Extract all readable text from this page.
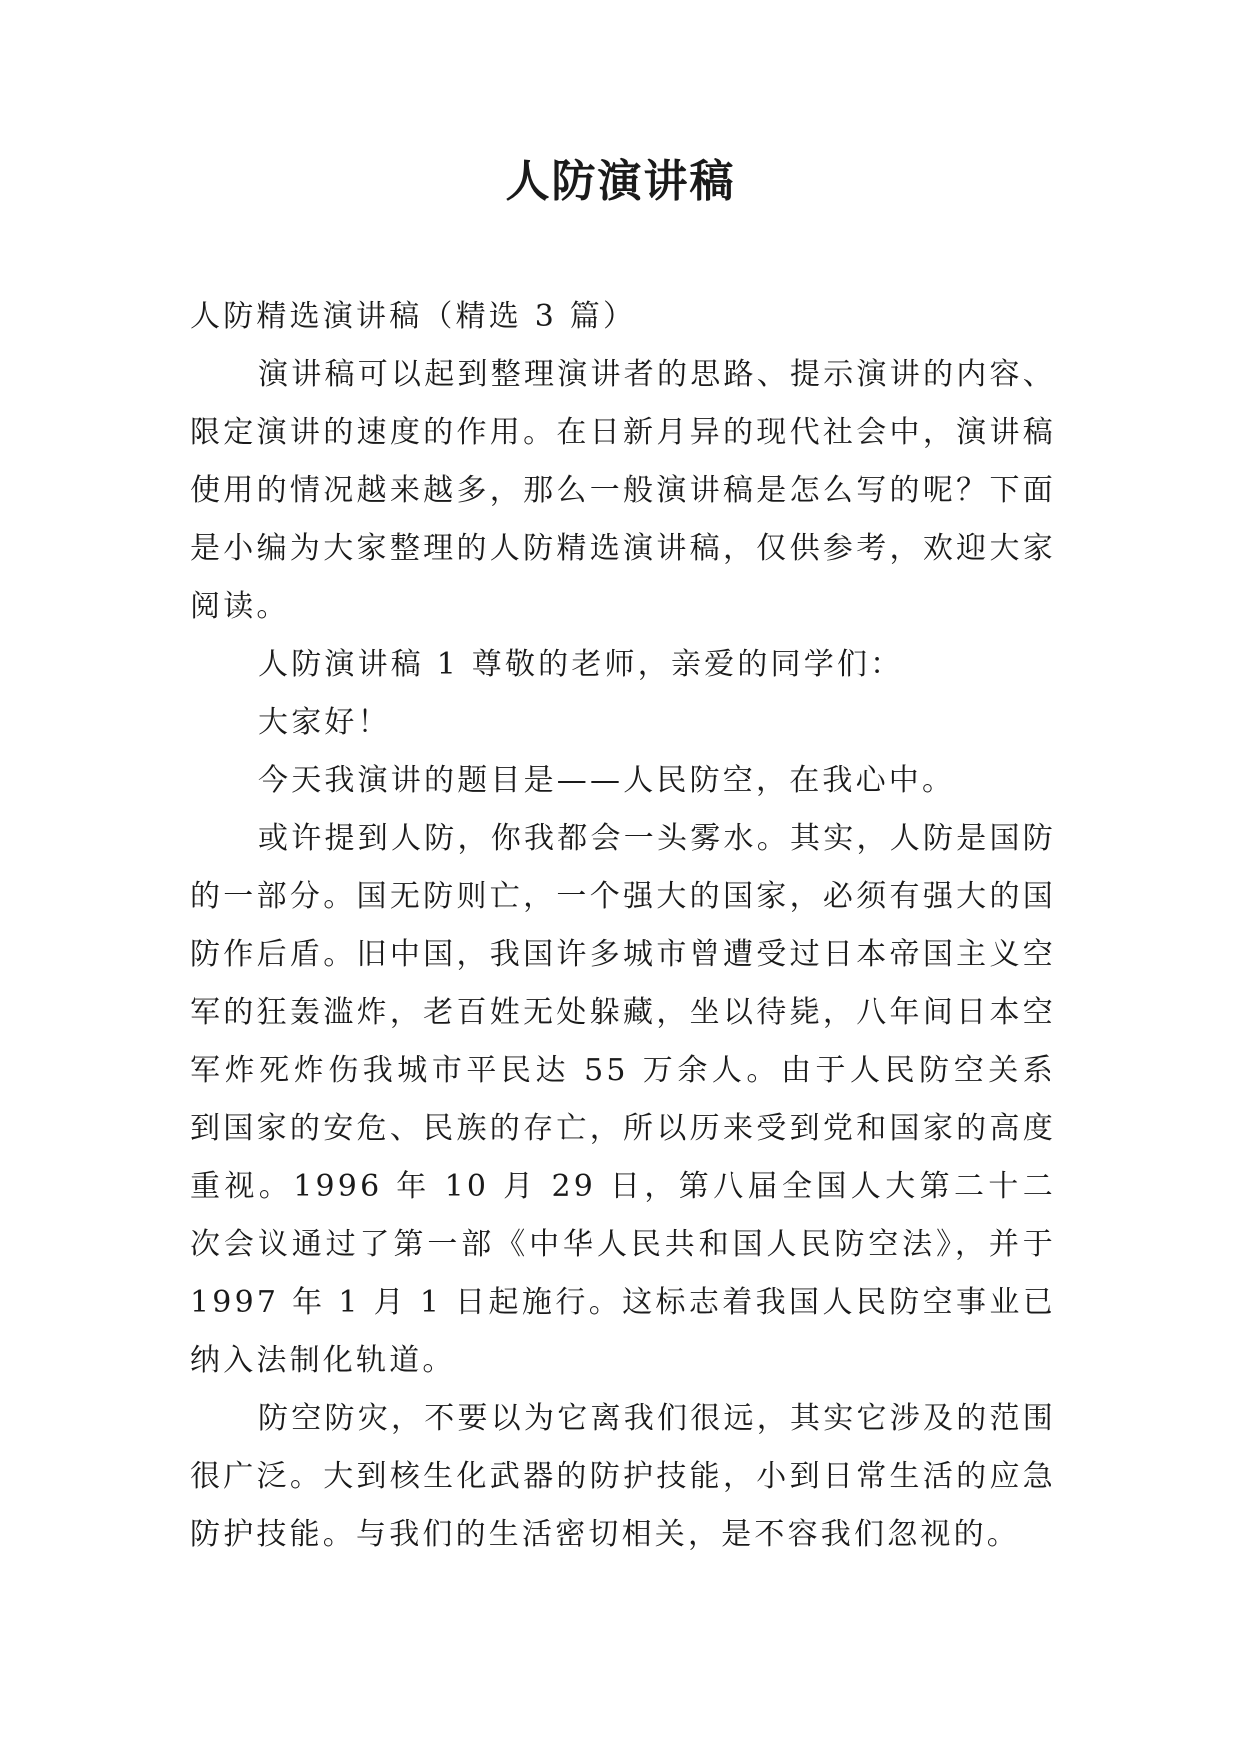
人防演讲稿

人防精选演讲稿（精选 3 篇）

演讲稿可以起到整理演讲者的思路、提示演讲的内容、限定演讲的速度的作用。在日新月异的现代社会中，演讲稿使用的情况越来越多，那么一般演讲稿是怎么写的呢？下面是小编为大家整理的人防精选演讲稿，仅供参考，欢迎大家阅读。

人防演讲稿 1 尊敬的老师，亲爱的同学们：

大家好！

今天我演讲的题目是——人民防空，在我心中。

或许提到人防，你我都会一头雾水。其实，人防是国防的一部分。国无防则亡，一个强大的国家，必须有强大的国防作后盾。旧中国，我国许多城市曾遭受过日本帝国主义空军的狂轰滥炸，老百姓无处躲藏，坐以待毙，八年间日本空军炸死炸伤我城市平民达 55 万余人。由于人民防空关系到国家的安危、民族的存亡，所以历来受到党和国家的高度重视。1996 年 10 月 29 日，第八届全国人大第二十二次会议通过了第一部《中华人民共和国人民防空法》，并于 1997 年 1 月 1 日起施行。这标志着我国人民防空事业已纳入法制化轨道。

防空防灾，不要以为它离我们很远，其实它涉及的范围很广泛。大到核生化武器的防护技能，小到日常生活的应急防护技能。与我们的生活密切相关，是不容我们忽视的。
